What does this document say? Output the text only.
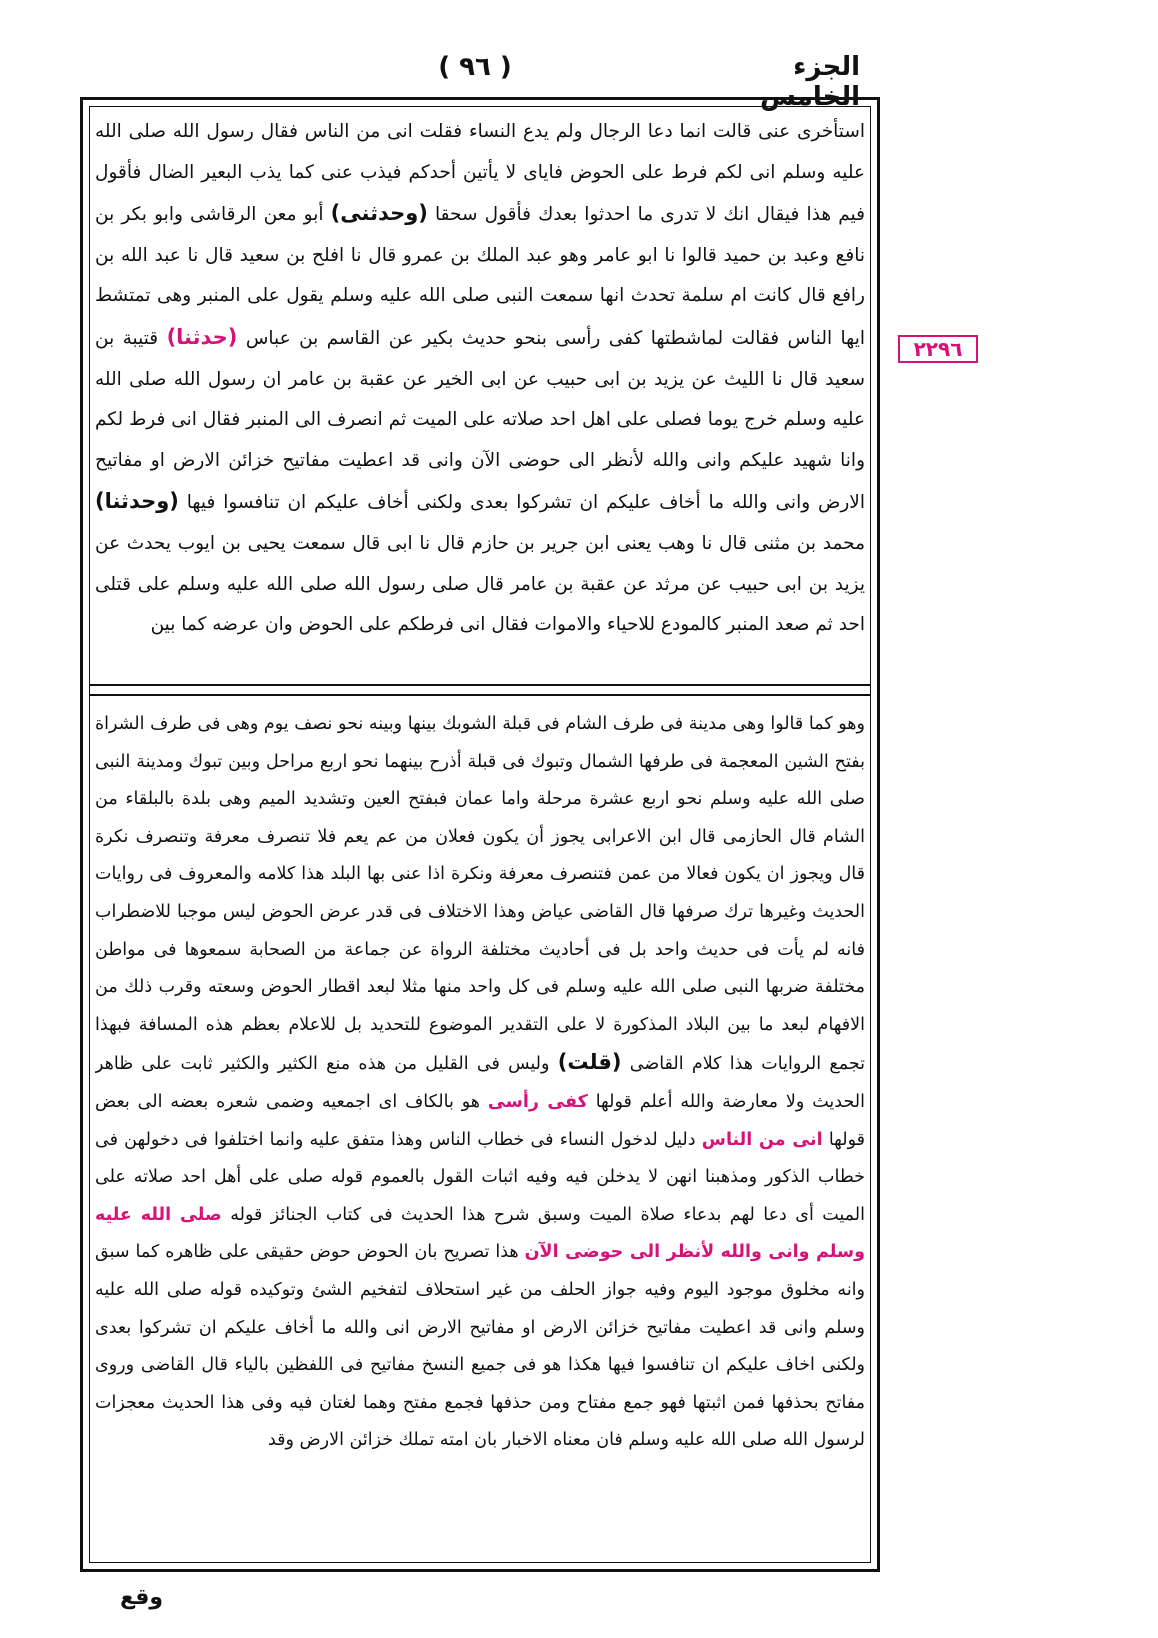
الجزء الخامس
( ٩٦ )
٢٢٩٦

استأخرى عنى قالت انما دعا الرجال ولم يدع النساء فقلت انى من الناس فقال رسول الله صلى الله عليه وسلم انى لكم فرط على الحوض فاياى لا يأتين أحدكم فيذب عنى كما يذب البعير الضال فأقول فيم هذا فيقال انك لا تدرى ما احدثوا بعدك فأقول سحقا (وحدثنى) أبو معن الرقاشى وابو بكر بن نافع وعبد بن حميد قالوا نا ابو عامر وهو عبد الملك بن عمرو قال نا افلح بن سعيد قال نا عبد الله بن رافع قال كانت ام سلمة تحدث انها سمعت النبى صلى الله عليه وسلم يقول على المنبر وهى تمتشط ايها الناس فقالت لماشطتها كفى رأسى بنحو حديث بكير عن القاسم بن عباس (حدثنا) قتيبة بن سعيد قال نا الليث عن يزيد بن ابى حبيب عن ابى الخير عن عقبة بن عامر ان رسول الله صلى الله عليه وسلم خرج يوما فصلى على اهل احد صلاته على الميت ثم انصرف الى المنبر فقال انى فرط لكم وانا شهيد عليكم وانى والله لأنظر الى حوضى الآن وانى قد اعطيت مفاتيح خزائن الارض او مفاتيح الارض وانى والله ما أخاف عليكم ان تشركوا بعدى ولكنى أخاف عليكم ان تنافسوا فيها (وحدثنا) محمد بن مثنى قال نا وهب يعنى ابن جرير بن حازم قال نا ابى قال سمعت يحيى بن ايوب يحدث عن يزيد بن ابى حبيب عن مرثد عن عقبة بن عامر قال صلى رسول الله صلى الله عليه وسلم على قتلى احد ثم صعد المنبر كالمودع للاحياء والاموات فقال انى فرطكم على الحوض وان عرضه كما بين

وهو كما قالوا وهى مدينة فى طرف الشام فى قبلة الشوبك بينها وبينه نحو نصف يوم وهى فى طرف الشراة بفتح الشين المعجمة فى طرفها الشمال وتبوك فى قبلة أذرح بينهما نحو اربع مراحل وبين تبوك ومدينة النبى صلى الله عليه وسلم نحو اربع عشرة مرحلة واما عمان فبفتح العين وتشديد الميم وهى بلدة بالبلقاء من الشام قال الحازمى قال ابن الاعرابى يجوز أن يكون فعلان من عم يعم فلا تنصرف معرفة وتنصرف نكرة قال ويجوز ان يكون فعالا من عمن فتنصرف معرفة ونكرة اذا عنى بها البلد هذا كلامه والمعروف فى روايات الحديث وغيرها ترك صرفها قال القاضى عياض وهذا الاختلاف فى قدر عرض الحوض ليس موجبا للاضطراب فانه لم يأت فى حديث واحد بل فى أحاديث مختلفة الرواة عن جماعة من الصحابة سمعوها فى مواطن مختلفة ضربها النبى صلى الله عليه وسلم فى كل واحد منها مثلا لبعد اقطار الحوض وسعته وقرب ذلك من الافهام لبعد ما بين البلاد المذكورة لا على التقدير الموضوع للتحديد بل للاعلام بعظم هذه المسافة فبهذا تجمع الروايات هذا كلام القاضى (قلت) وليس فى القليل من هذه منع الكثير والكثير ثابت على ظاهر الحديث ولا معارضة والله أعلم قولها كفى رأسى هو بالكاف اى اجمعيه وضمى شعره بعضه الى بعض قولها انى من الناس دليل لدخول النساء فى خطاب الناس وهذا متفق عليه وانما اختلفوا فى دخولهن فى خطاب الذكور ومذهبنا انهن لا يدخلن فيه وفيه اثبات القول بالعموم قوله صلى على أهل احد صلاته على الميت أى دعا لهم بدعاء صلاة الميت وسبق شرح هذا الحديث فى كتاب الجنائز قوله صلى الله عليه وسلم وانى والله لأنظر الى حوضى الآن هذا تصريح بان الحوض حوض حقيقى على ظاهره كما سبق وانه مخلوق موجود اليوم وفيه جواز الحلف من غير استحلاف لتفخيم الشئ وتوكيده قوله صلى الله عليه وسلم وانى قد اعطيت مفاتيح خزائن الارض او مفاتيح الارض انى والله ما أخاف عليكم ان تشركوا بعدى ولكنى اخاف عليكم ان تنافسوا فيها هكذا هو فى جميع النسخ مفاتيح فى اللفظين بالياء قال القاضى وروى مفاتح بحذفها فمن اثبتها فهو جمع مفتاح ومن حذفها فجمع مفتح وهما لغتان فيه وفى هذا الحديث معجزات لرسول الله صلى الله عليه وسلم فان معناه الاخبار بان امته تملك خزائن الارض وقد

وقع
